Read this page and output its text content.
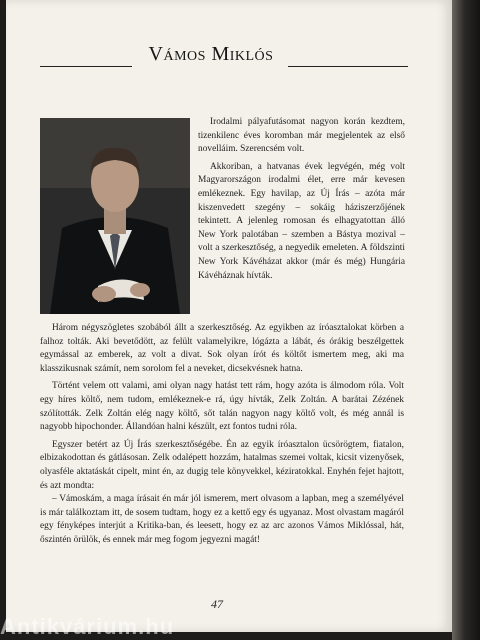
Vámos Miklós

Irodalmi pályafutásomat nagyon korán kezdtem, tizenkilenc éves koromban már megjelentek az első novelláim. Szerencsém volt.

Akkoriban, a hatvanas évek legvégén, még volt Magyarországon irodalmi élet, erre már kevesen emlékeznek. Egy havilap, az Új Írás – azóta már kiszenvedett szegény – sokáig háziszerzőjének tekintett. A jelenleg romosan és elhagyatottan álló New York palotában – szemben a Bástya mozival – volt a szerkesztőség, a negyedik emeleten. A földszinti New York Kávéházat akkor (már és még) Hungária Kávéháznak hívták.

Három négyszögletes szobából állt a szerkesztőség. Az egyikben az íróasztalokat körben a falhoz tolták. Aki bevetődött, az felült valamelyikre, lógázta a lábát, és órákig beszélgettek egymással az emberek, az volt a divat. Sok olyan írót és költőt ismertem meg, aki ma klasszikusnak számít, nem sorolom fel a neveket, dicsekvésnek hatna.

Történt velem ott valami, ami olyan nagy hatást tett rám, hogy azóta is álmodom róla. Volt egy híres költő, nem tudom, emlékeznek-e rá, úgy hívták, Zelk Zoltán. A barátai Zézének szólították. Zelk Zoltán elég nagy költő, sőt talán nagyon nagy költő volt, és még annál is nagyobb hipochonder. Állandóan halni készült, ezt fontos tudni róla.

Egyszer betért az Új Írás szerkesztőségébe. Én az egyik íróasztalon ücsörögtem, fiatalon, elbizakodottan és gátlásosan. Zelk odalépett hozzám, hatalmas szemei voltak, kicsit vizenyősek, olyasféle aktatáskát cipelt, mint én, az dugig tele könyvekkel, kéziratokkal. Enyhén fejet hajtott, és azt mondta:

– Vámoskám, a maga írásait én már jól ismerem, mert olvasom a lapban, meg a személyével is már találkoztam itt, de sosem tudtam, hogy ez a kettő egy és ugyanaz. Most olvastam magáról egy fényképes interjút a Kritika-ban, és leesett, hogy ez az arc azonos Vámos Miklóssal, hát, őszintén örülök, és ennek már meg fogom jegyezni magát!

47
Antikvárium.hu
